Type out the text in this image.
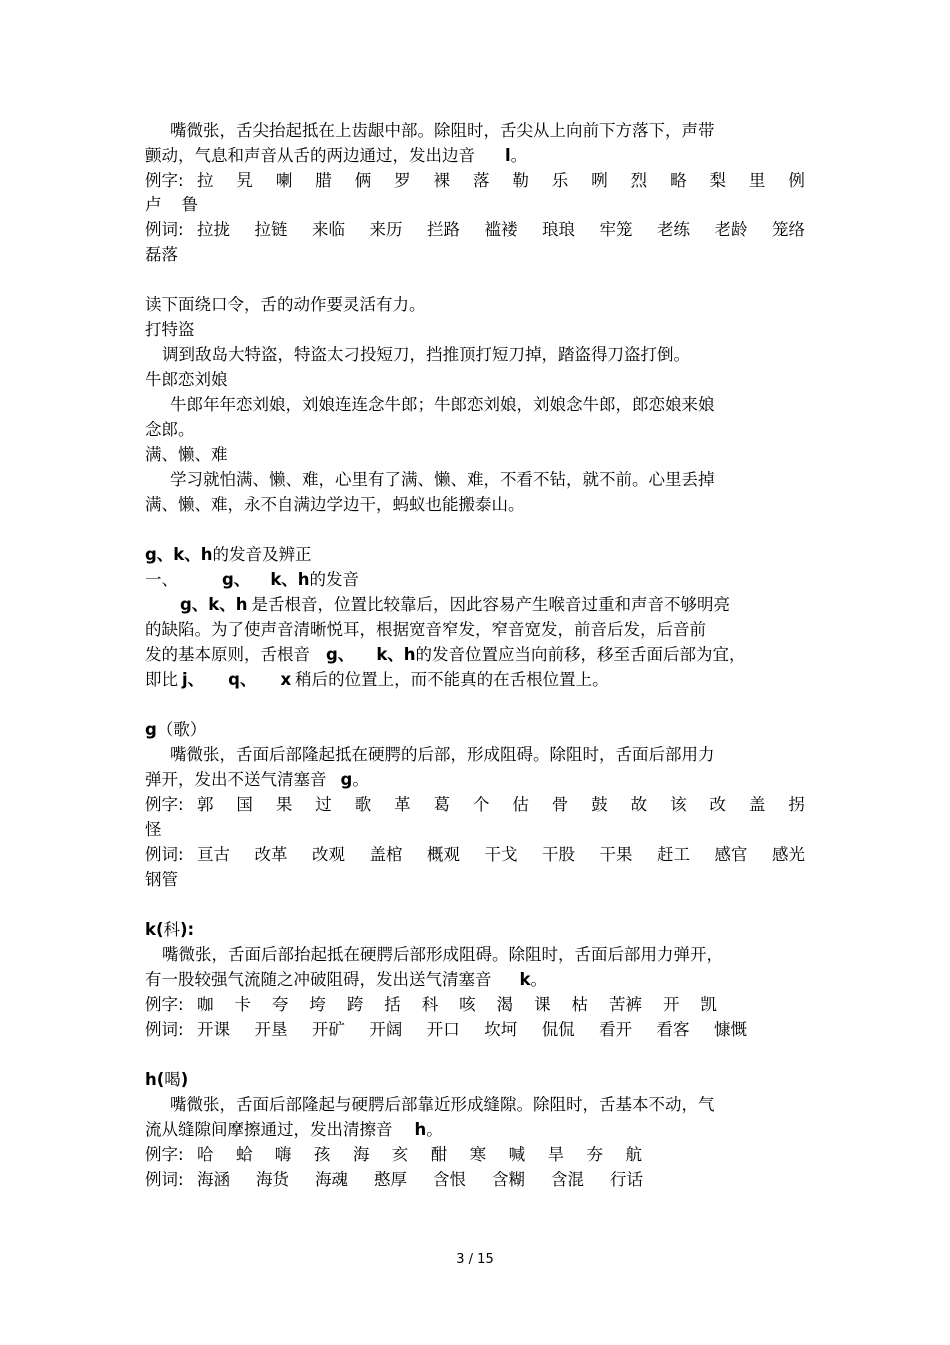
嘴微张，舌尖抬起抵在上齿龈中部。除阻时，舌尖从上向前下方落下，声带
颤动，气息和声音从舌的两边通过，发出边音 l。
例字: 拉 旯 喇 腊 俩 罗 裸 落 勒 乐 咧 烈 略 梨 里 例
卢 鲁
例词: 拉拢 拉链 来临 来历 拦路 褴褛 琅琅 牢笼 老练 老龄 笼络
磊落
读下面绕口令，舌的动作要灵活有力。
打特盗
调到敌岛大特盗，特盗太刁投短刀，挡推顶打短刀掉，踏盗得刀盗打倒。
牛郎恋刘娘
牛郎年年恋刘娘，刘娘连连念牛郎；牛郎恋刘娘，刘娘念牛郎，郎恋娘来娘
念郎。
满、懒、难
学习就怕满、懒、难，心里有了满、懒、难，不看不钻，就不前。心里丢掉
满、懒、难，永不自满边学边干，蚂蚁也能搬泰山。
g、k、h的发音及辨正
一、	g、 k、h的发音
g、k、h 是舌根音，位置比较靠后，因此容易产生喉音过重和声音不够明亮
的缺陷。为了使声音清晰悦耳，根据宽音窄发，窄音宽发，前音后发，后音前
发的基本原则，舌根音 g、 k、h的发音位置应当向前移，移至舌面后部为宜，
即比 j、 q、 x 稍后的位置上，而不能真的在舌根位置上。
g（歌）
嘴微张，舌面后部隆起抵在硬腭的后部，形成阻碍。除阻时，舌面后部用力
弹开，发出不送气清塞音 g。
例字: 郭 国 果 过 歌 革 葛 个 估 骨 鼓 故 该 改 盖 拐
怪
例词: 亘古 改革 改观 盖棺 概观 干戈 干股 干果 赶工 感官 感光
钢管
k(科):
嘴微张，舌面后部抬起抵在硬腭后部形成阻碍。除阻时，舌面后部用力弹开，
有一股较强气流随之冲破阻碍，发出送气清塞音 k。
例字: 咖 卡 夸 垮 跨 括 科 咳 渴 课 枯 苦裤 开 凯
例词: 开课 开垦 开矿 开阔 开口 坎坷 侃侃 看开 看客 慷慨
h(喝)
嘴微张，舌面后部隆起与硬腭后部靠近形成缝隙。除阻时，舌基本不动，气
流从缝隙间摩擦通过，发出清擦音 h。
例字: 哈 蛤 嗨 孩 海 亥 酣 寒 喊 旱 夯 航
例词: 海涵 海货 海魂 憨厚 含恨 含糊 含混 行话
3 / 15
